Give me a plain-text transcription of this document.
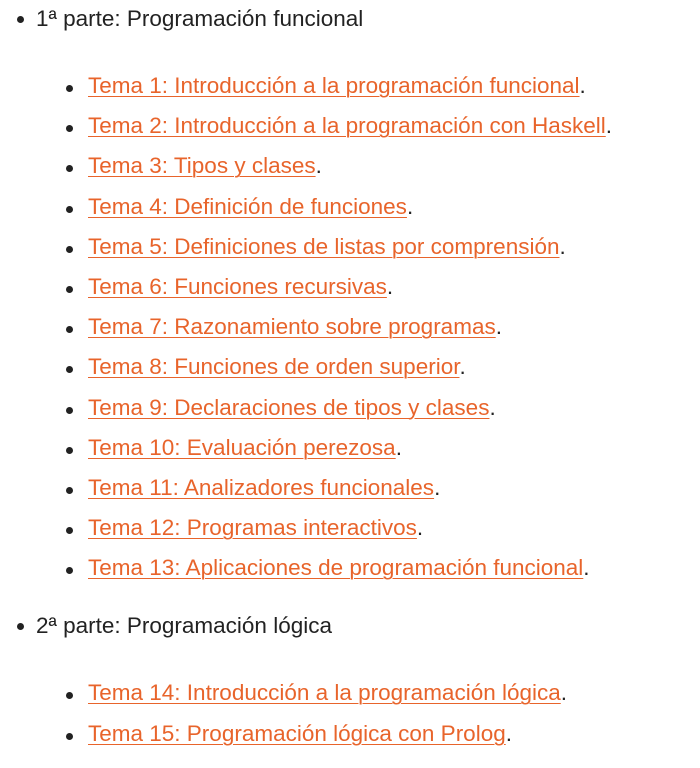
1ª parte: Programación funcional
Tema 1: Introducción a la programación funcional.
Tema 2: Introducción a la programación con Haskell.
Tema 3: Tipos y clases.
Tema 4: Definición de funciones.
Tema 5: Definiciones de listas por comprensión.
Tema 6: Funciones recursivas.
Tema 7: Razonamiento sobre programas.
Tema 8: Funciones de orden superior.
Tema 9: Declaraciones de tipos y clases.
Tema 10: Evaluación perezosa.
Tema 11: Analizadores funcionales.
Tema 12: Programas interactivos.
Tema 13: Aplicaciones de programación funcional.
2ª parte: Programación lógica
Tema 14: Introducción a la programación lógica.
Tema 15: Programación lógica con Prolog.
